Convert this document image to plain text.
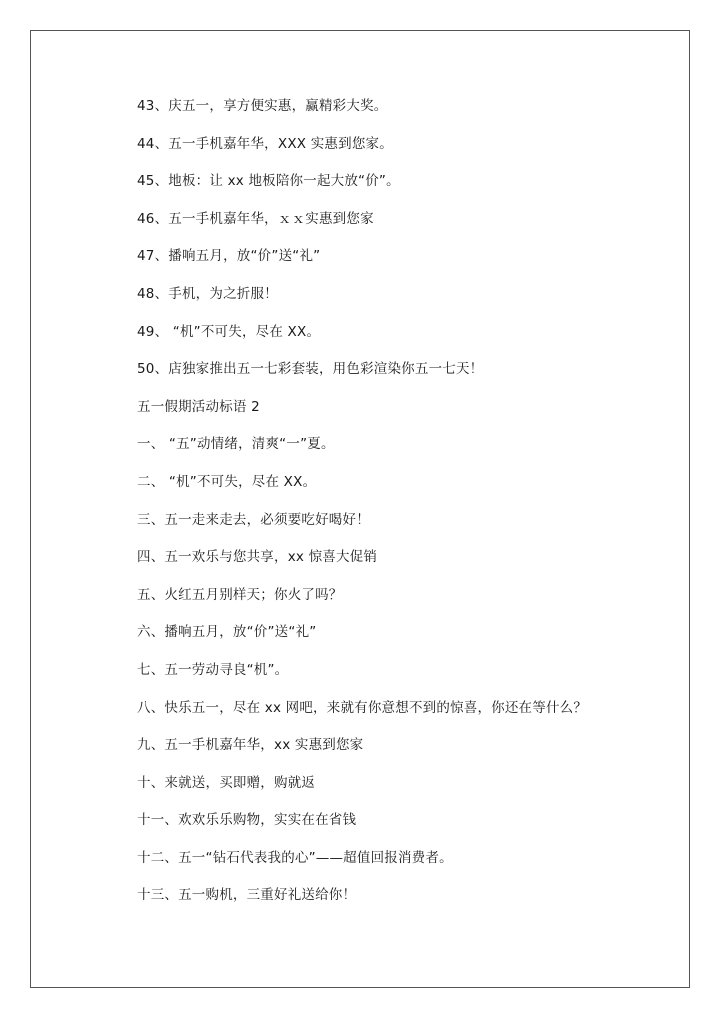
43、庆五一，享方便实惠，赢精彩大奖。
44、五一手机嘉年华，XXX 实惠到您家。
45、地板：让 xx 地板陪你一起大放“价”。
46、五一手机嘉年华，ｘｘ实惠到您家
47、播响五月，放“价”送“礼”
48、手机，为之折服！
49、 “机”不可失，尽在 XX。
50、店独家推出五一七彩套装，用色彩渲染你五一七天！
五一假期活动标语 2
一、 “五”动情绪，清爽“一”夏。
二、 “机”不可失，尽在 XX。
三、五一走来走去，必须要吃好喝好！
四、五一欢乐与您共享，xx 惊喜大促销
五、火红五月别样天；你火了吗？
六、播响五月，放“价”送“礼”
七、五一劳动寻良“机”。
八、快乐五一，尽在 xx 网吧，来就有你意想不到的惊喜，你还在等什么？
九、五一手机嘉年华，xx 实惠到您家
十、来就送，买即赠，购就返
十一、欢欢乐乐购物，实实在在省钱
十二、五一“钻石代表我的心”——超值回报消费者。
十三、五一购机，三重好礼送给你！
